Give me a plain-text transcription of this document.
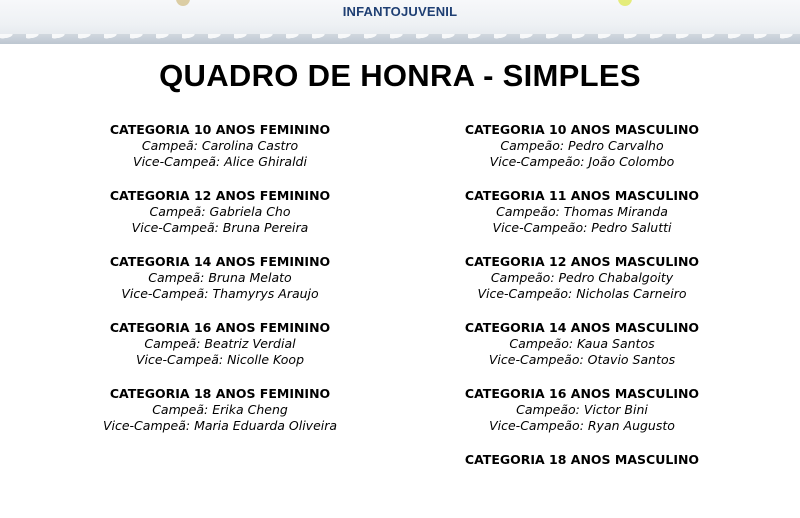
INFANTOJUVENIL
QUADRO DE HONRA - SIMPLES
CATEGORIA 10 ANOS FEMININO
Campeã: Carolina Castro
Vice-Campeã: Alice Ghiraldi
CATEGORIA 12 ANOS FEMININO
Campeã: Gabriela Cho
Vice-Campeã: Bruna Pereira
CATEGORIA 14 ANOS FEMININO
Campeã: Bruna Melato
Vice-Campeã: Thamyrys Araujo
CATEGORIA 16 ANOS FEMININO
Campeã: Beatriz Verdial
Vice-Campeã: Nicolle Koop
CATEGORIA 18 ANOS FEMININO
Campeã: Erika Cheng
Vice-Campeã: Maria Eduarda Oliveira
CATEGORIA 10 ANOS MASCULINO
Campeão: Pedro Carvalho
Vice-Campeão: João Colombo
CATEGORIA 11 ANOS MASCULINO
Campeão: Thomas Miranda
Vice-Campeão: Pedro Salutti
CATEGORIA 12 ANOS MASCULINO
Campeão: Pedro Chabalgoity
Vice-Campeão: Nicholas Carneiro
CATEGORIA 14 ANOS MASCULINO
Campeão: Kaua Santos
Vice-Campeão: Otavio Santos
CATEGORIA 16 ANOS MASCULINO
Campeão: Victor Bini
Vice-Campeão: Ryan Augusto
CATEGORIA 18 ANOS MASCULINO
